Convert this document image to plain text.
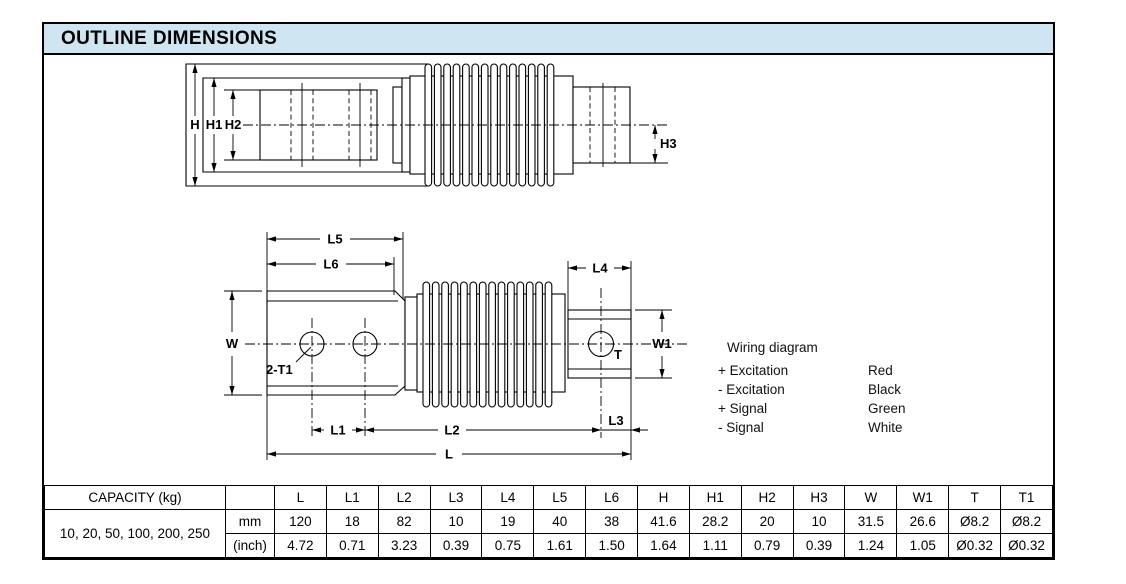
OUTLINE DIMENSIONS
H H1 H2
H3
2-T1
T
W	W1
L5
L6	L4
L1	L2
L3
L
Wiring diagram
+ Excitation	Red
- Excitation	Black
+ Signal	Green
- Signal	White
CAPACITY (kg)		L	L1	L2	L3	L4	L5	L6	H	H1	H2	H3	W	W1	T	T1
10, 20, 50, 100, 200, 250	mm	120	18	82	10	19	40	38	41.6	28.2	20	10	31.5	26.6	Ø8.2	Ø8.2
	(inch)	4.72	0.71	3.23	0.39	0.75	1.61	1.50	1.64	1.11	0.79	0.39	1.24	1.05	Ø0.32	Ø0.32
